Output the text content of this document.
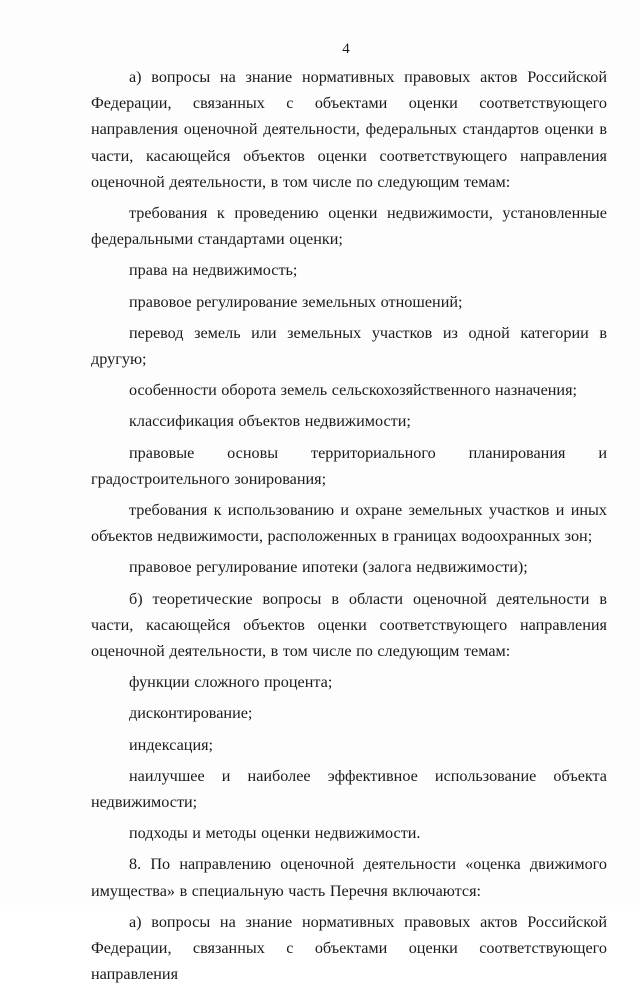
4

а) вопросы на знание нормативных правовых актов Российской Федерации, связанных с объектами оценки соответствующего направления оценочной деятельности, федеральных стандартов оценки в части, касающейся объектов оценки соответствующего направления оценочной деятельности, в том числе по следующим темам:

требования к проведению оценки недвижимости, установленные федеральными стандартами оценки;

права на недвижимость;

правовое регулирование земельных отношений;

перевод земель или земельных участков из одной категории в другую;

особенности оборота земель сельскохозяйственного назначения;

классификация объектов недвижимости;

правовые основы территориального планирования и градостроительного зонирования;

требования к использованию и охране земельных участков и иных объектов недвижимости, расположенных в границах водоохранных зон;

правовое регулирование ипотеки (залога недвижимости);

б) теоретические вопросы в области оценочной деятельности в части, касающейся объектов оценки соответствующего направления оценочной деятельности, в том числе по следующим темам:

функции сложного процента;

дисконтирование;

индексация;

наилучшее и наиболее эффективное использование объекта недвижимости;

подходы и методы оценки недвижимости.

8. По направлению оценочной деятельности «оценка движимого имущества» в специальную часть Перечня включаются:

а) вопросы на знание нормативных правовых актов Российской Федерации, связанных с объектами оценки соответствующего направления
